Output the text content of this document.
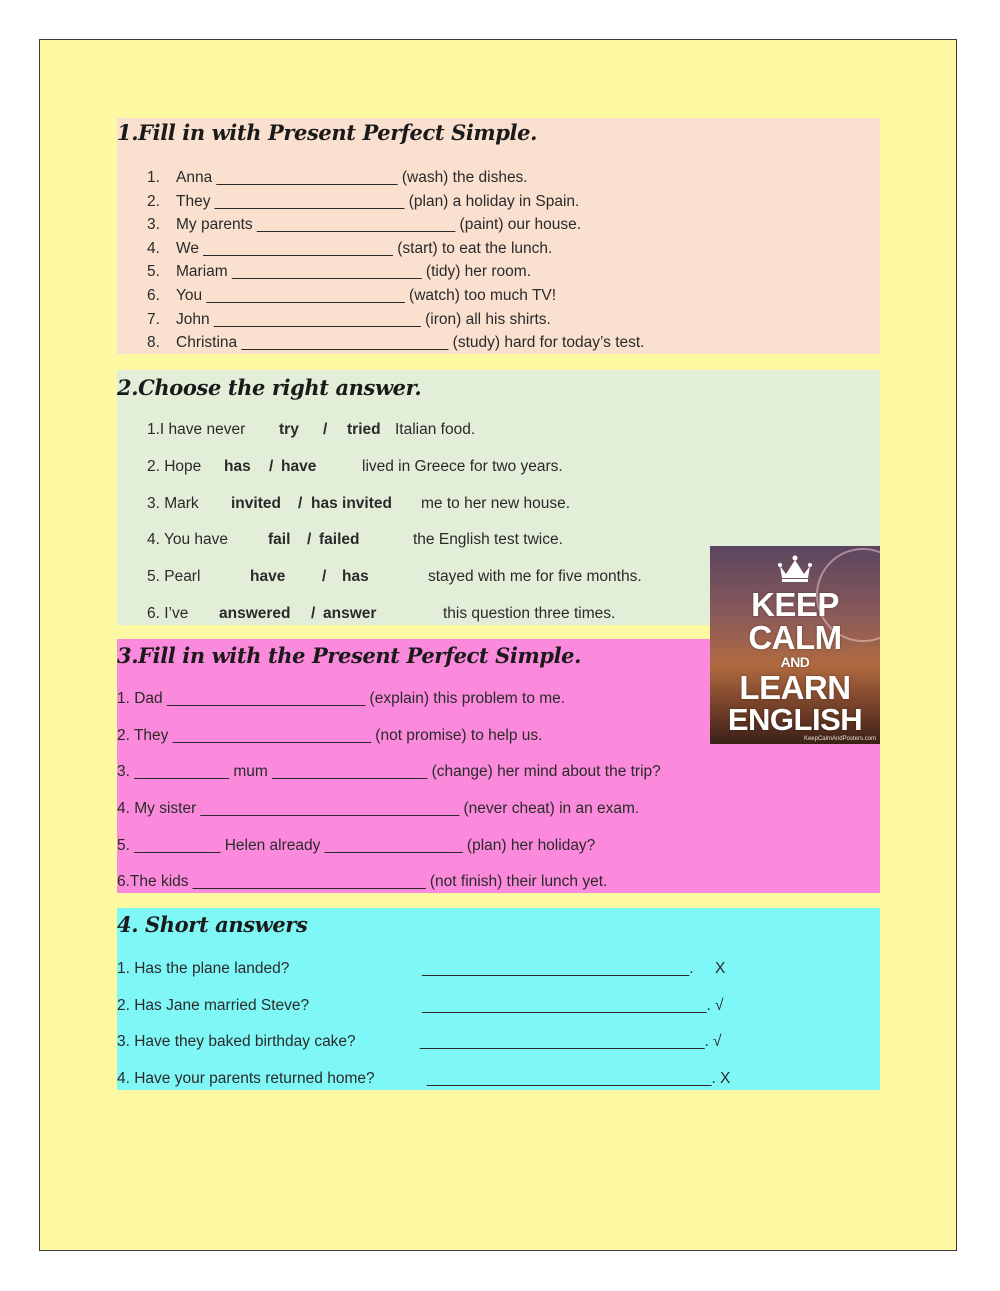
1.Fill in with Present Perfect Simple.
1. Anna _____________________ (wash) the dishes.
2. They ______________________ (plan) a holiday in Spain.
3. My parents _______________________ (paint) our house.
4. We ______________________ (start) to eat the lunch.
5. Mariam ______________________ (tidy) her room.
6. You _______________________ (watch) too much TV!
7. John ________________________ (iron) all his shirts.
8. Christina ________________________ (study) hard for today’s test.
2.Choose the right answer.
1.I have never try / tried Italian food.
2. Hope has / have	lived in Greece for two years.
3. Mark invited / has invited me to her new house.
4. You have	fail / failed	the English test twice.
5. Pearl	have / has	stayed with me for five months.
6. I’ve answered / answer	this question three times.
3.Fill in with the Present Perfect Simple.
1. Dad _______________________ (explain) this problem to me.
2. They _______________________ (not promise) to help us.
3. ___________ mum __________________ (change) her mind about the trip?
4. My sister ______________________________ (never cheat) in an exam.
5. __________ Helen already ________________ (plan) her holiday?
6.The kids ___________________________ (not finish) their lunch yet.
4. Short answers
1. Has the plane landed?	_______________________________. X
2. Has Jane married Steve?	_________________________________. √
3. Have they baked birthday cake?	_________________________________. √
4. Have your parents returned home?	_________________________________. X
KEEP
CALM
AND
LEARN
ENGLISH
KeepCalmAndPosters.com
